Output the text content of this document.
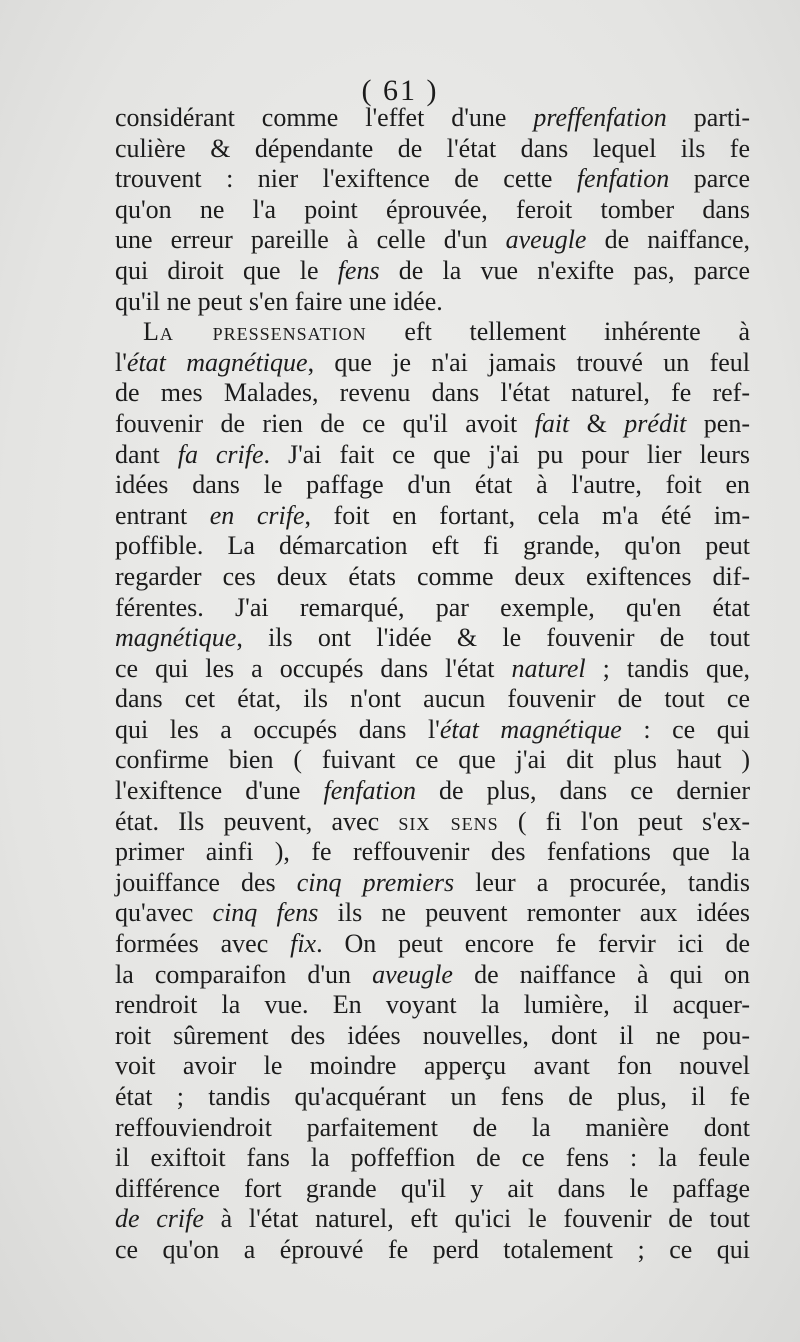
( 61 )
considérant comme l'effet d'une preffenfation parti-
culière & dépendante de l'état dans lequel ils fe
trouvent : nier l'exiftence de cette fenfation parce
qu'on ne l'a point éprouvée, feroit tomber dans
une erreur pareille à celle d'un aveugle de naiffance,
qui diroit que le fens de la vue n'exifte pas, parce
qu'il ne peut s'en faire une idée.
La pressensation eft tellement inhérente à
l'état magnétique, que je n'ai jamais trouvé un feul
de mes Malades, revenu dans l'état naturel, fe ref-
fouvenir de rien de ce qu'il avoit fait & prédit pen-
dant fa crife. J'ai fait ce que j'ai pu pour lier leurs
idées dans le paffage d'un état à l'autre, foit en
entrant en crife, foit en fortant, cela m'a été im-
poffible. La démarcation eft fi grande, qu'on peut
regarder ces deux états comme deux exiftences dif-
férentes. J'ai remarqué, par exemple, qu'en état
magnétique, ils ont l'idée & le fouvenir de tout
ce qui les a occupés dans l'état naturel ; tandis que,
dans cet état, ils n'ont aucun fouvenir de tout ce
qui les a occupés dans l'état magnétique : ce qui
confirme bien ( fuivant ce que j'ai dit plus haut )
l'exiftence d'une fenfation de plus, dans ce dernier
état. Ils peuvent, avec six sens ( fi l'on peut s'ex-
primer ainfi ), fe reffouvenir des fenfations que la
jouiffance des cinq premiers leur a procurée, tandis
qu'avec cinq fens ils ne peuvent remonter aux idées
formées avec fix. On peut encore fe fervir ici de
la comparaifon d'un aveugle de naiffance à qui on
rendroit la vue. En voyant la lumière, il acquer-
roit sûrement des idées nouvelles, dont il ne pou-
voit avoir le moindre apperçu avant fon nouvel
état ; tandis qu'acquérant un fens de plus, il fe
reffouviendroit parfaitement de la manière dont
il exiftoit fans la poffeffion de ce fens : la feule
différence fort grande qu'il y ait dans le paffage
de crife à l'état naturel, eft qu'ici le fouvenir de tout
ce qu'on a éprouvé fe perd totalement ; ce qui
